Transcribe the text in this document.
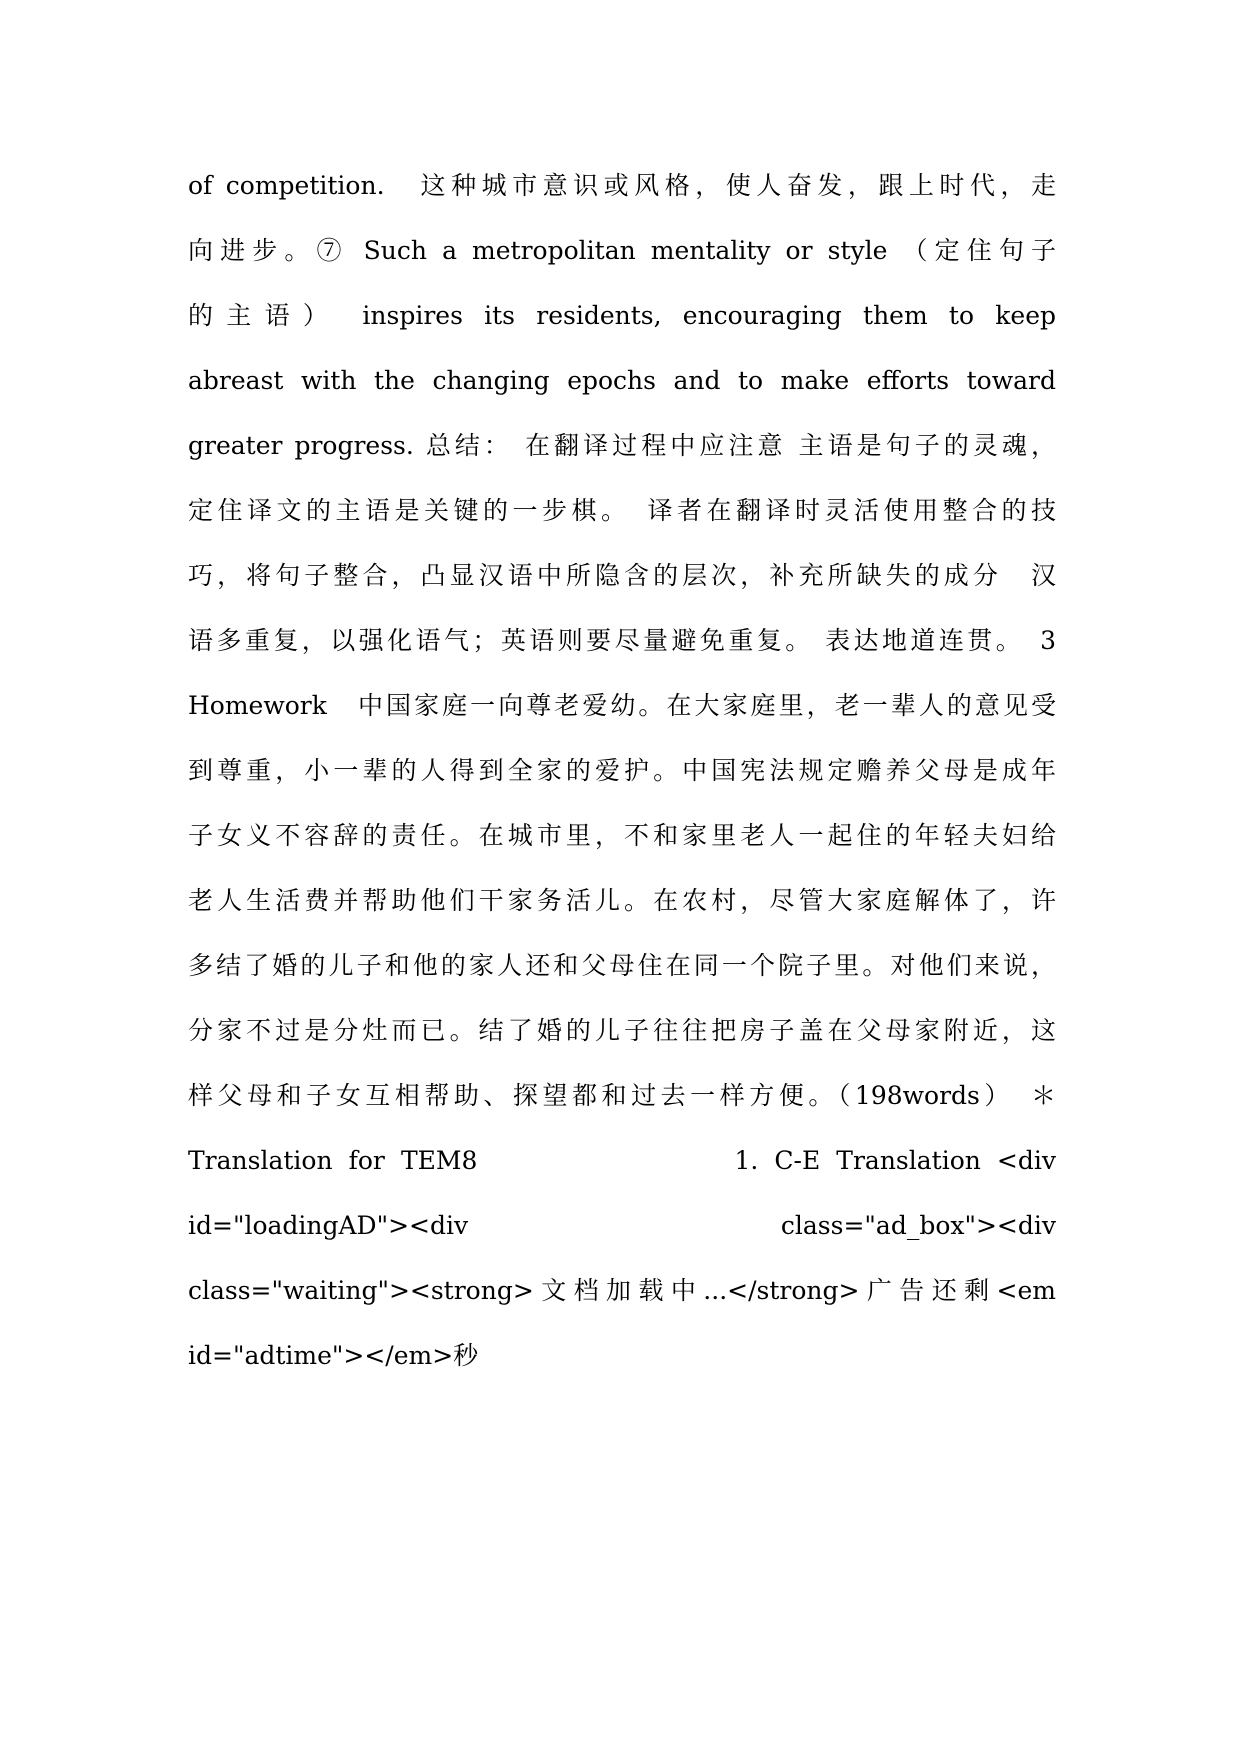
of competition.　这种城市意识或风格，使人奋发，跟上时代，走
向进步。⑦ Such a metropolitan mentality or style （定住句子
的主语） inspires its residents, encouraging them to keep
abreast with the changing epochs and to make efforts toward
greater progress. 总结： 在翻译过程中应注意 主语是句子的灵魂，
定住译文的主语是关键的一步棋。　译者在翻译时灵活使用整合的技
巧，将句子整合，凸显汉语中所隐含的层次，补充所缺失的成分　汉
语多重复，以强化语气；英语则要尽量避免重复。 表达地道连贯。　3
Homework　中国家庭一向尊老爱幼。在大家庭里，老一辈人的意见受
到尊重，小一辈的人得到全家的爱护。中国宪法规定赡养父母是成年
子女义不容辞的责任。在城市里，不和家里老人一起住的年轻夫妇给
老人生活费并帮助他们干家务活儿。在农村，尽管大家庭解体了，许
多结了婚的儿子和他的家人还和父母住在同一个院子里。对他们来说，
分家不过是分灶而已。结了婚的儿子往往把房子盖在父母家附近，这
样父母和子女互相帮助、探望都和过去一样方便。（198words）　＊
Translation for TEM8                1. C-E Translation <div
id="loadingAD"><div                  class="ad_box"><div
class="waiting"><strong>文档加载中...</strong>广告还剩<em
id="adtime"></em>秒
